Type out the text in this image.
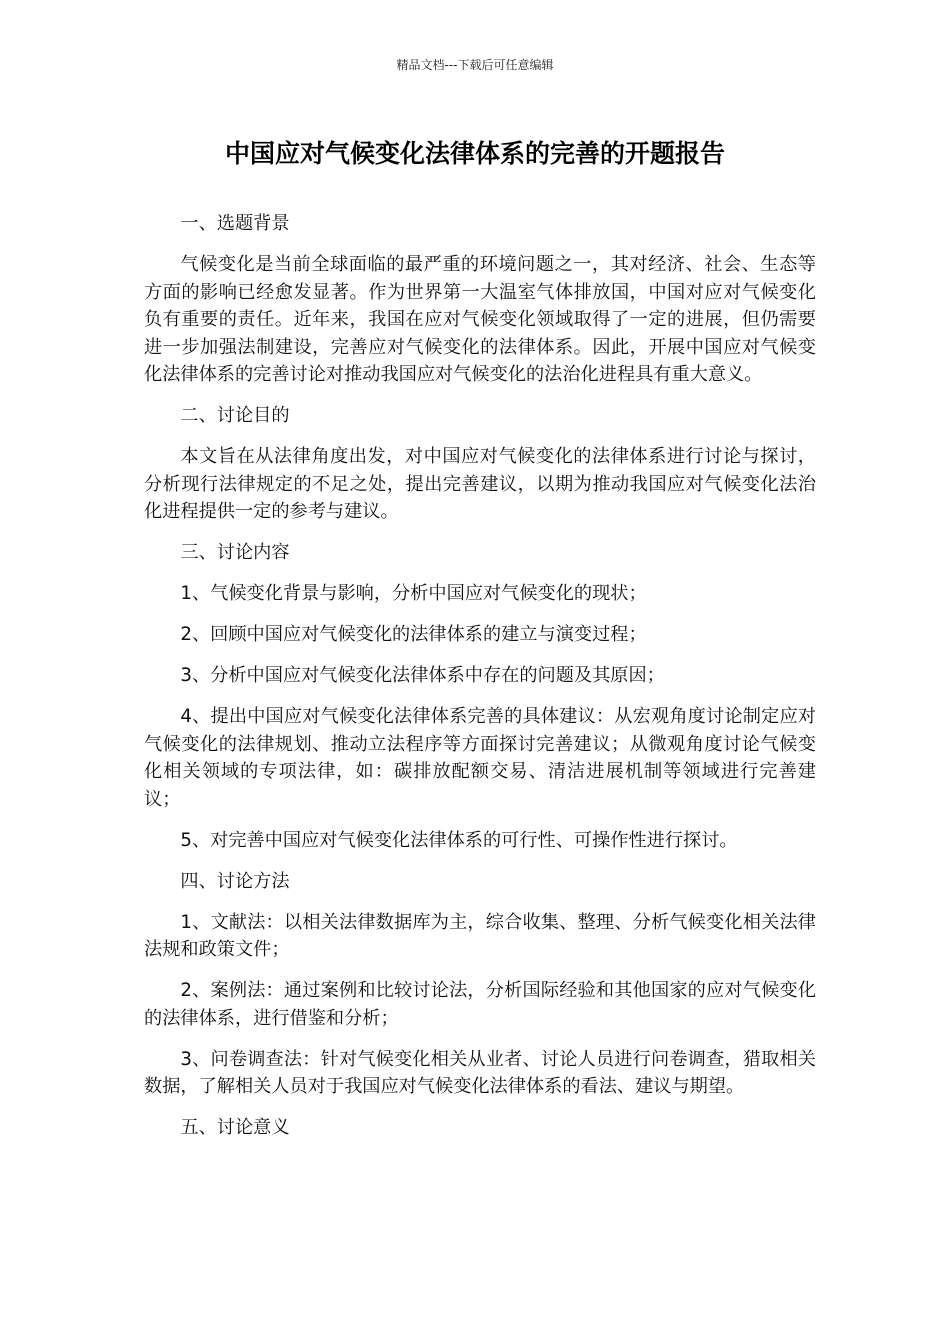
精品文档---下载后可任意编辑
中国应对气候变化法律体系的完善的开题报告

一、选题背景

气候变化是当前全球面临的最严重的环境问题之一，其对经济、社会、生态等方面的影响已经愈发显著。作为世界第一大温室气体排放国，中国对应对气候变化负有重要的责任。近年来，我国在应对气候变化领域取得了一定的进展，但仍需要进一步加强法制建设，完善应对气候变化的法律体系。因此，开展中国应对气候变化法律体系的完善讨论对推动我国应对气候变化的法治化进程具有重大意义。

二、讨论目的

本文旨在从法律角度出发，对中国应对气候变化的法律体系进行讨论与探讨，分析现行法律规定的不足之处，提出完善建议，以期为推动我国应对气候变化法治化进程提供一定的参考与建议。

三、讨论内容

1、气候变化背景与影响，分析中国应对气候变化的现状；

2、回顾中国应对气候变化的法律体系的建立与演变过程；

3、分析中国应对气候变化法律体系中存在的问题及其原因；

4、提出中国应对气候变化法律体系完善的具体建议：从宏观角度讨论制定应对气候变化的法律规划、推动立法程序等方面探讨完善建议；从微观角度讨论气候变化相关领域的专项法律，如：碳排放配额交易、清洁进展机制等领域进行完善建议；

5、对完善中国应对气候变化法律体系的可行性、可操作性进行探讨。

四、讨论方法

1、文献法：以相关法律数据库为主，综合收集、整理、分析气候变化相关法律法规和政策文件；

2、案例法：通过案例和比较讨论法，分析国际经验和其他国家的应对气候变化的法律体系，进行借鉴和分析；

3、问卷调查法：针对气候变化相关从业者、讨论人员进行问卷调查，猎取相关数据，了解相关人员对于我国应对气候变化法律体系的看法、建议与期望。

五、讨论意义
